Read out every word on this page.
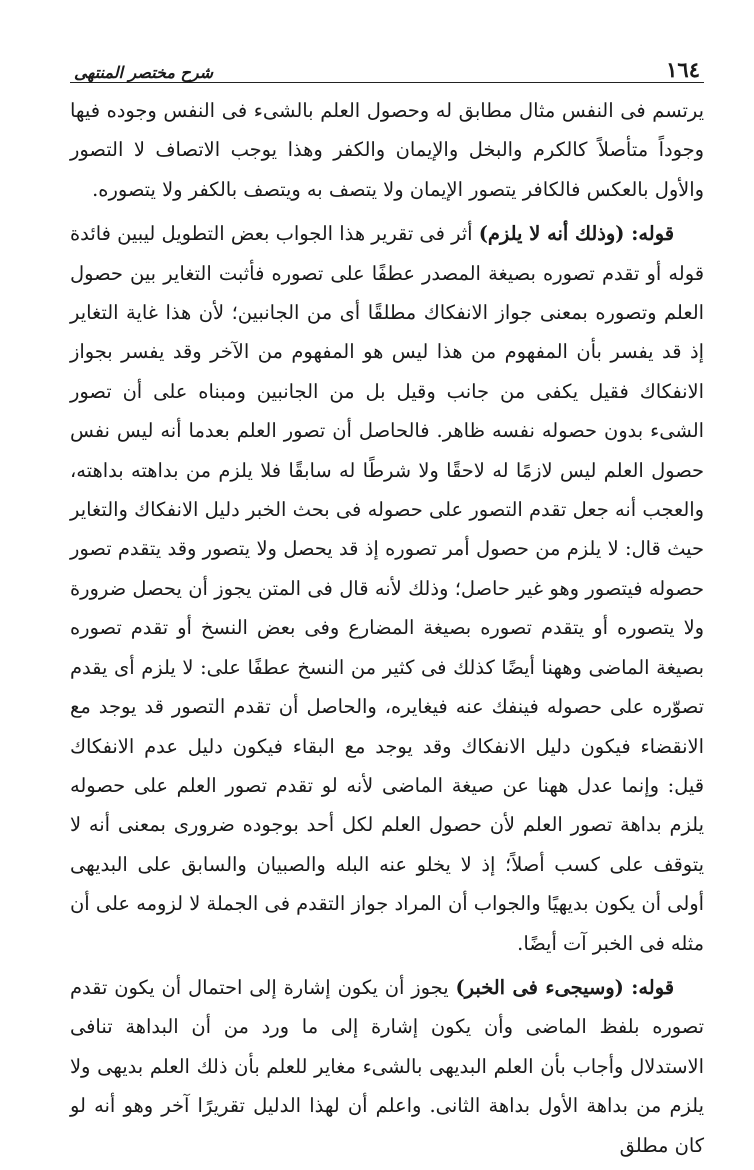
١٦٤
شرح مختصر المنتهى

يرتسم فى النفس مثال مطابق له وحصول العلم بالشىء فى النفس وجوده فيها وجوداً متأصلاً كالكرم والبخل والإيمان والكفر وهذا يوجب الاتصاف لا التصور والأول بالعكس فالكافر يتصور الإيمان ولا يتصف به ويتصف بالكفر ولا يتصوره.

قوله: (وذلك أنه لا يلزم) أثر فى تقرير هذا الجواب بعض التطويل ليبين فائدة قوله أو تقدم تصوره بصيغة المصدر عطفًا على تصوره فأثبت التغاير بين حصول العلم وتصوره بمعنى جواز الانفكاك مطلقًا أى من الجانبين؛ لأن هذا غاية التغاير إذ قد يفسر بأن المفهوم من هذا ليس هو المفهوم من الآخر وقد يفسر بجواز الانفكاك فقيل يكفى من جانب وقيل بل من الجانبين ومبناه على أن تصور الشىء بدون حصوله نفسه ظاهر. فالحاصل أن تصور العلم بعدما أنه ليس نفس حصول العلم ليس لازمًا له لاحقًا ولا شرطًا له سابقًا فلا يلزم من بداهته بداهته، والعجب أنه جعل تقدم التصور على حصوله فى بحث الخبر دليل الانفكاك والتغاير حيث قال: لا يلزم من حصول أمر تصوره إذ قد يحصل ولا يتصور وقد يتقدم تصور حصوله فيتصور وهو غير حاصل؛ وذلك لأنه قال فى المتن يجوز أن يحصل ضرورة ولا يتصوره أو يتقدم تصوره بصيغة المضارع وفى بعض النسخ أو تقدم تصوره بصيغة الماضى وههنا أيضًا كذلك فى كثير من النسخ عطفًا على: لا يلزم أى يقدم تصوّره على حصوله فينفك عنه فيغايره، والحاصل أن تقدم التصور قد يوجد مع الانقضاء فيكون دليل الانفكاك وقد يوجد مع البقاء فيكون دليل عدم الانفكاك قيل: وإنما عدل ههنا عن صيغة الماضى لأنه لو تقدم تصور العلم على حصوله يلزم بداهة تصور العلم لأن حصول العلم لكل أحد بوجوده ضرورى بمعنى أنه لا يتوقف على كسب أصلاً؛ إذ لا يخلو عنه البله والصبيان والسابق على البديهى أولى أن يكون بديهيًا والجواب أن المراد جواز التقدم فى الجملة لا لزومه على أن مثله فى الخبر آت أيضًا.

قوله: (وسيجىء فى الخبر) يجوز أن يكون إشارة إلى احتمال أن يكون تقدم تصوره بلفظ الماضى وأن يكون إشارة إلى ما ورد من أن البداهة تنافى الاستدلال وأجاب بأن العلم البديهى بالشىء مغاير للعلم بأن ذلك العلم بديهى ولا يلزم من بداهة الأول بداهة الثانى. واعلم أن لهذا الدليل تقريرًا آخر وهو أنه لو كان مطلق
